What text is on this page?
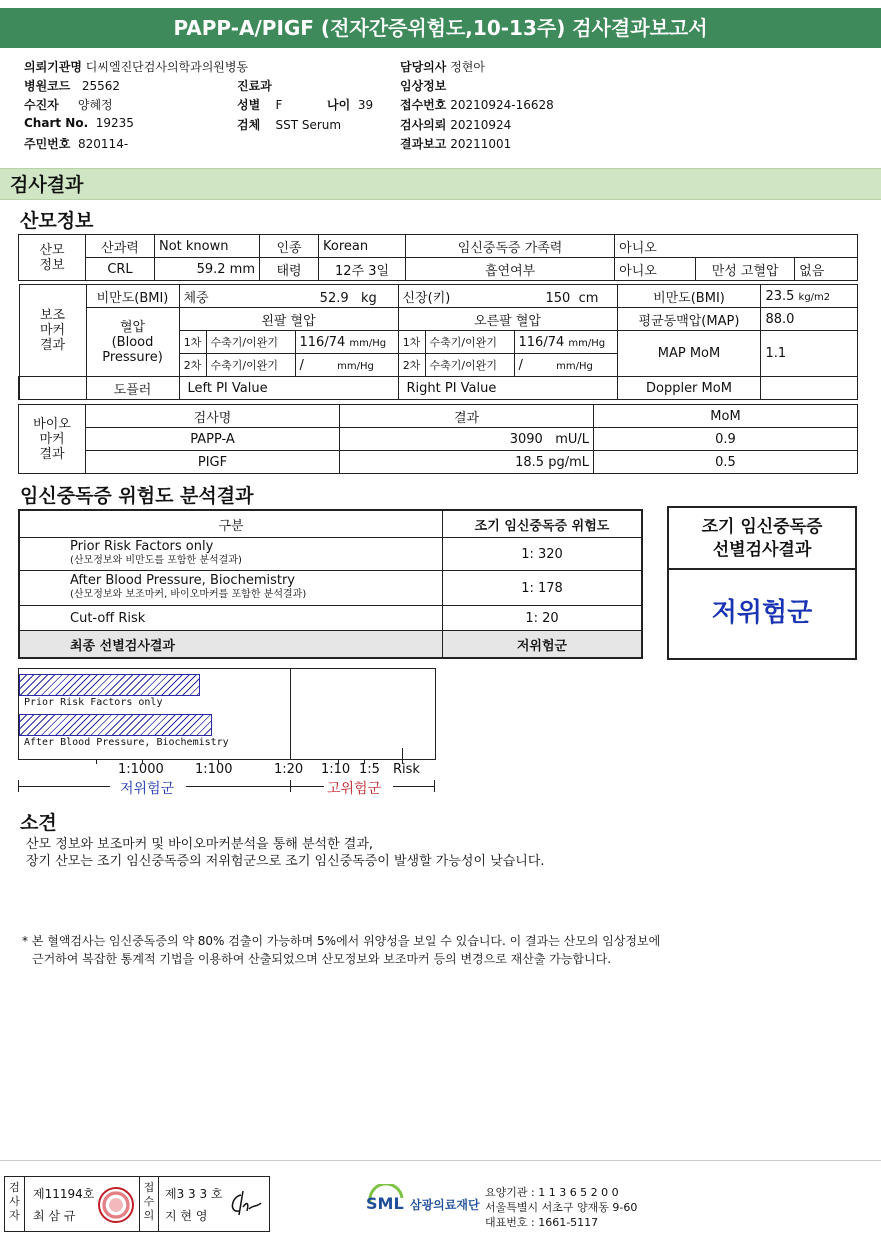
PAPP-A/PIGF (전자간증위험도,10-13주) 검사결과보고서
의뢰기관명 디씨엘진단검사의학과의원병동
병원코드 25562	진료과
수진자 양혜정	성별 F	나이 39
Chart No. 19235	검체 SST Serum
주민번호 820114-
담당의사 정현아
임상정보
접수번호 20210924-16628
검사의뢰 20210924
결과보고 20211001
검사결과
산모정보
산모
정보	산과력	Not known	인종	Korean	임신중독증 가족력	아니오		
	CRL	59.2 mm	태령	12주 3일	흡연여부	아니오	만성 고혈압	없음
보조
마커
결과	비만도(BMI)	체중 52.9 kg			신장(키) 150 cm			비만도(BMI)	23.5 kg/m2
	혈압
(Blood
Pressure)	왼팔 혈압			오른팔 혈압			평균동맥압(MAP)	88.0
		1차	수축기/이완기	116/74 mm/Hg	1차	수축기/이완기	116/74 mm/Hg	MAP MoM	1.1
		2차	수축기/이완기	/ mm/Hg	2차	수축기/이완기	/ mm/Hg		
	도플러	Left PI Value			Right PI Value			Doppler MoM	
바이오
마커
결과	검사명	결과	MoM
	PAPP-A	3090 mU/L	0.9
	PIGF	18.5 pg/mL	0.5
임신중독증 위험도 분석결과
구분	조기 임신중독증 위험도

Prior Risk Factors only
(산모정보와 비만도를 포함한 분석결과)	1: 320

After Blood Pressure, Biochemistry
(산모정보와 보조마커, 바이오마커를 포함한 분석결과)	1: 178
Cut-off Risk	1: 20
최종 선별검사결과	저위험군
조기 임신중독증
선별검사결과
저위험군
Prior Risk Factors only
After Blood Pressure, Biochemistry
1:1000 1:100	1:20 1:10 1:5 Risk
저위험군	고위험군
소견
산모 정보와 보조마커 및 바이오마커분석을 통해 분석한 결과,
장기 산모는 조기 임신중독증의 저위험군으로 조기 임신중독증이 발생할 가능성이 낮습니다.
* 본 혈액검사는 임신중독증의 약 80% 검출이 가능하며 5%에서 위양성을 보일 수 있습니다. 이 결과는 산모의 임상정보에
근거하여 복잡한 통계적 기법을 이용하여 산출되었으며 산모정보와 보조마커 등의 변경으로 재산출 가능합니다.
검
사
자
제11194호
최 삼 규
접
수
의
제3 3 3 호
지 현 영
SML 삼광의료재단
요양기관 : 1 1 3 6 5 2 0 0
서울특별시 서초구 양재동 9-60
대표번호 : 1661-5117
